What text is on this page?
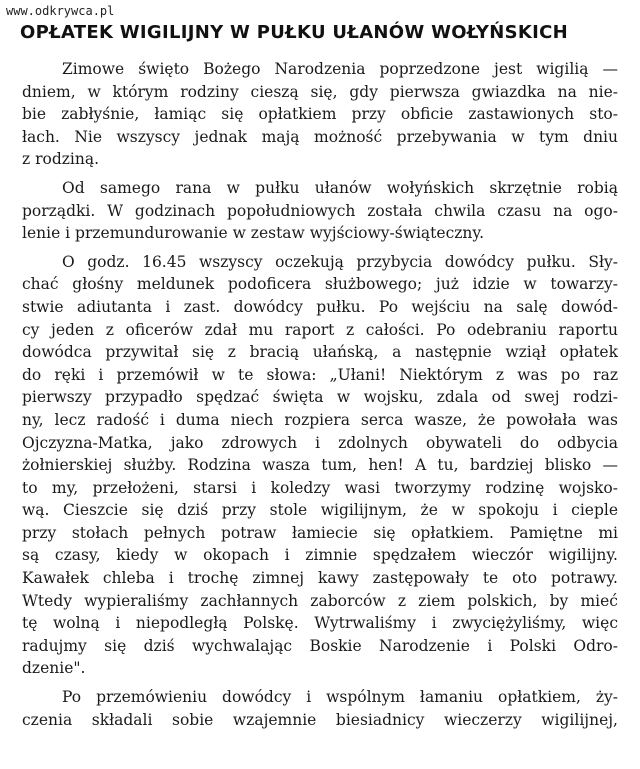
www.odkrywca.pl
OPŁATEK WIGILIJNY W PUŁKU UŁANÓW WOŁYŃSKICH
Zimowe święto Bożego Narodzenia poprzedzone jest wigilią —
dniem, w którym rodziny cieszą się, gdy pierwsza gwiazdka na nie-
bie zabłyśnie, łamiąc się opłatkiem przy obficie zastawionych sto-
łach. Nie wszyscy jednak mają możność przebywania w tym dniu
z rodziną.
Od samego rana w pułku ułanów wołyńskich skrzętnie robią
porządki. W godzinach popołudniowych została chwila czasu na ogo-
lenie i przemundurowanie w zestaw wyjściowy-świąteczny.
O godz. 16.45 wszyscy oczekują przybycia dowódcy pułku. Sły-
chać głośny meldunek podoficera służbowego; już idzie w towarzy-
stwie adiutanta i zast. dowódcy pułku. Po wejściu na salę dowód-
cy jeden z oficerów zdał mu raport z całości. Po odebraniu raportu
dowódca przywitał się z bracią ułańską, a następnie wziął opłatek
do ręki i przemówił w te słowa: „Ułani! Niektórym z was po raz
pierwszy przypadło spędzać święta w wojsku, zdala od swej rodzi-
ny, lecz radość i duma niech rozpiera serca wasze, że powołała was
Ojczyzna-Matka, jako zdrowych i zdolnych obywateli do odbycia
żołnierskiej służby. Rodzina wasza tum, hen! A tu, bardziej blisko —
to my, przełożeni, starsi i koledzy wasi tworzymy rodzinę wojsko-
wą. Cieszcie się dziś przy stole wigilijnym, że w spokoju i cieple
przy stołach pełnych potraw łamiecie się opłatkiem. Pamiętne mi
są czasy, kiedy w okopach i zimnie spędzałem wieczór wigilijny.
Kawałek chleba i trochę zimnej kawy zastępowały te oto potrawy.
Wtedy wypieraliśmy zachłannych zaborców z ziem polskich, by mieć
tę wolną i niepodległą Polskę. Wytrwaliśmy i zwyciężyliśmy, więc
radujmy się dziś wychwalając Boskie Narodzenie i Polski Odro-
dzenie".
Po przemówieniu dowódcy i wspólnym łamaniu opłatkiem, ży-
czenia składali sobie wzajemnie biesiadnicy wieczerzy wigilijnej,
